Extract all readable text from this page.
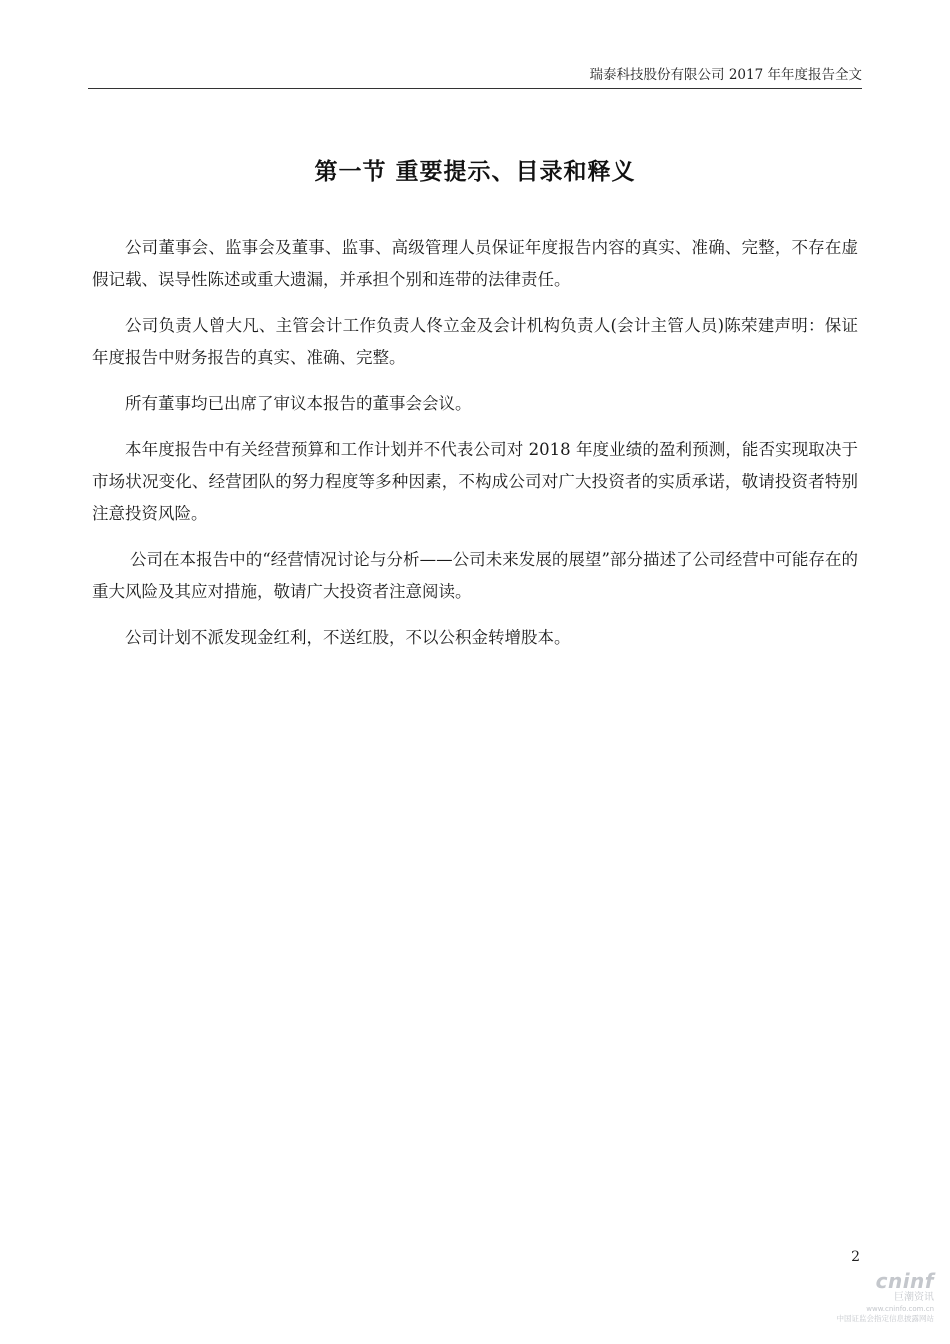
瑞泰科技股份有限公司 2017 年年度报告全文
第一节 重要提示、目录和释义

公司董事会、监事会及董事、监事、高级管理人员保证年度报告内容的真实、准确、完整，不存在虚假记载、误导性陈述或重大遗漏，并承担个别和连带的法律责任。

公司负责人曾大凡、主管会计工作负责人佟立金及会计机构负责人(会计主管人员)陈荣建声明：保证年度报告中财务报告的真实、准确、完整。

所有董事均已出席了审议本报告的董事会会议。

本年度报告中有关经营预算和工作计划并不代表公司对 2018 年度业绩的盈利预测，能否实现取决于市场状况变化、经营团队的努力程度等多种因素，不构成公司对广大投资者的实质承诺，敬请投资者特别注意投资风险。

公司在本报告中的“经营情况讨论与分析——公司未来发展的展望”部分描述了公司经营中可能存在的重大风险及其应对措施，敬请广大投资者注意阅读。

公司计划不派发现金红利，不送红股，不以公积金转增股本。

2
cninf
巨潮资讯
www.cninfo.com.cn
中国证监会指定信息披露网站
